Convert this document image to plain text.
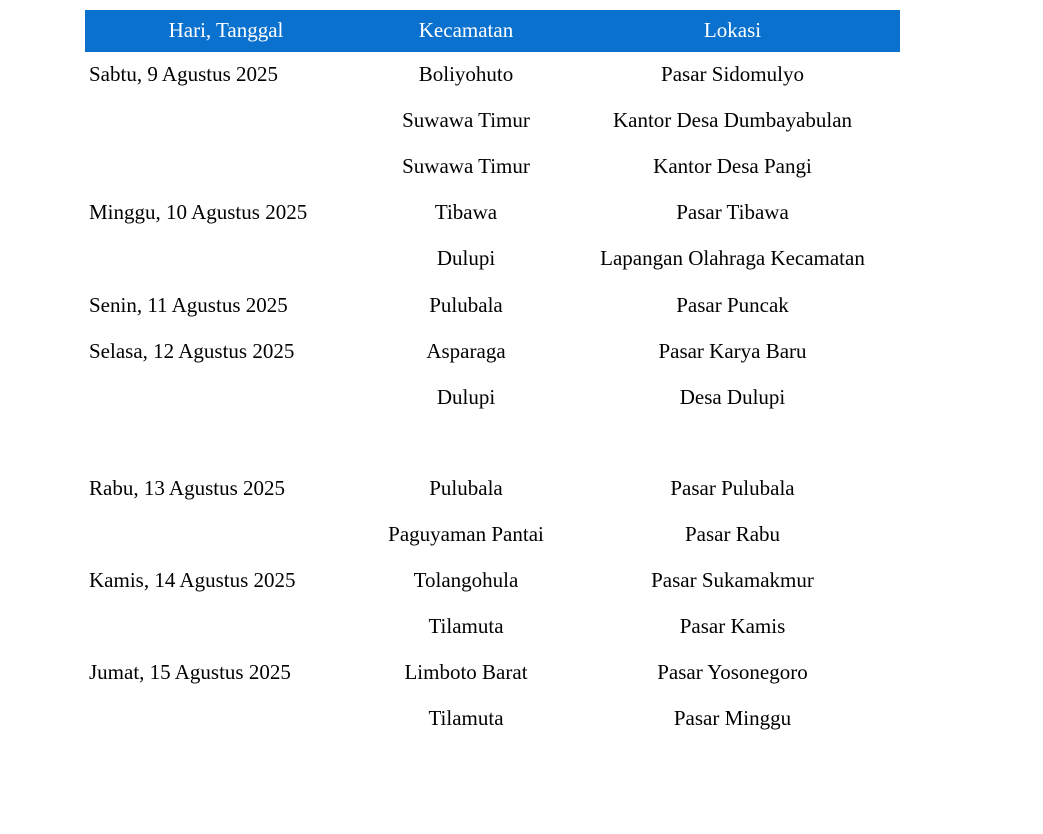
Hari, Tanggal	Kecamatan	Lokasi
Sabtu, 9 Agustus 2025	Boliyohuto	Pasar Sidomulyo
	Suwawa Timur	Kantor Desa Dumbayabulan
	Suwawa Timur	Kantor Desa Pangi
Minggu, 10 Agustus 2025	Tibawa	Pasar Tibawa
	Dulupi	Lapangan Olahraga Kecamatan
Senin, 11 Agustus 2025	Pulubala	Pasar Puncak
Selasa, 12 Agustus 2025	Asparaga	Pasar Karya Baru
	Dulupi	Desa Dulupi

Rabu, 13 Agustus 2025	Pulubala	Pasar Pulubala
	Paguyaman Pantai	Pasar Rabu
Kamis, 14 Agustus 2025	Tolangohula	Pasar Sukamakmur
	Tilamuta	Pasar Kamis
Jumat, 15 Agustus 2025	Limboto Barat	Pasar Yosonegoro
	Tilamuta	Pasar Minggu
